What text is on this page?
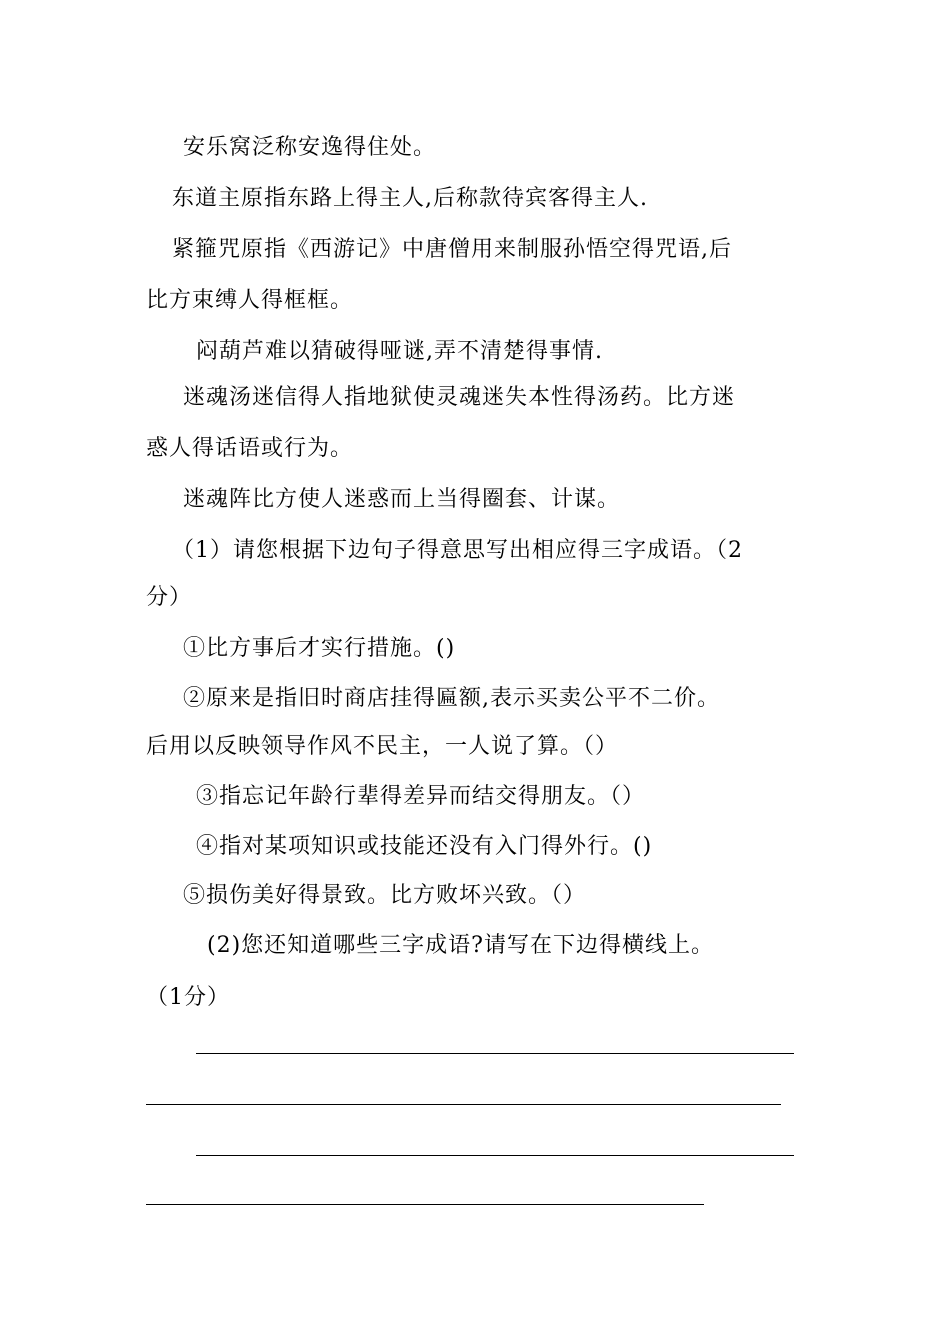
安乐窝泛称安逸得住处。
东道主原指东路上得主人,后称款待宾客得主人.
紧箍咒原指《西游记》中唐僧用来制服孙悟空得咒语,后
比方束缚人得框框。
闷葫芦难以猜破得哑谜,弄不清楚得事情.
迷魂汤迷信得人指地狱使灵魂迷失本性得汤药。比方迷
惑人得话语或行为。
迷魂阵比方使人迷惑而上当得圈套、计谋。
（1）请您根据下边句子得意思写出相应得三字成语。（2
分）
①比方事后才实行措施。()
②原来是指旧时商店挂得匾额,表示买卖公平不二价。
后用以反映领导作风不民主，一人说了算。（）
③指忘记年龄行辈得差异而结交得朋友。（）
④指对某项知识或技能还没有入门得外行。()
⑤损伤美好得景致。比方败坏兴致。（）
(2)您还知道哪些三字成语?请写在下边得横线上。
（1分）
